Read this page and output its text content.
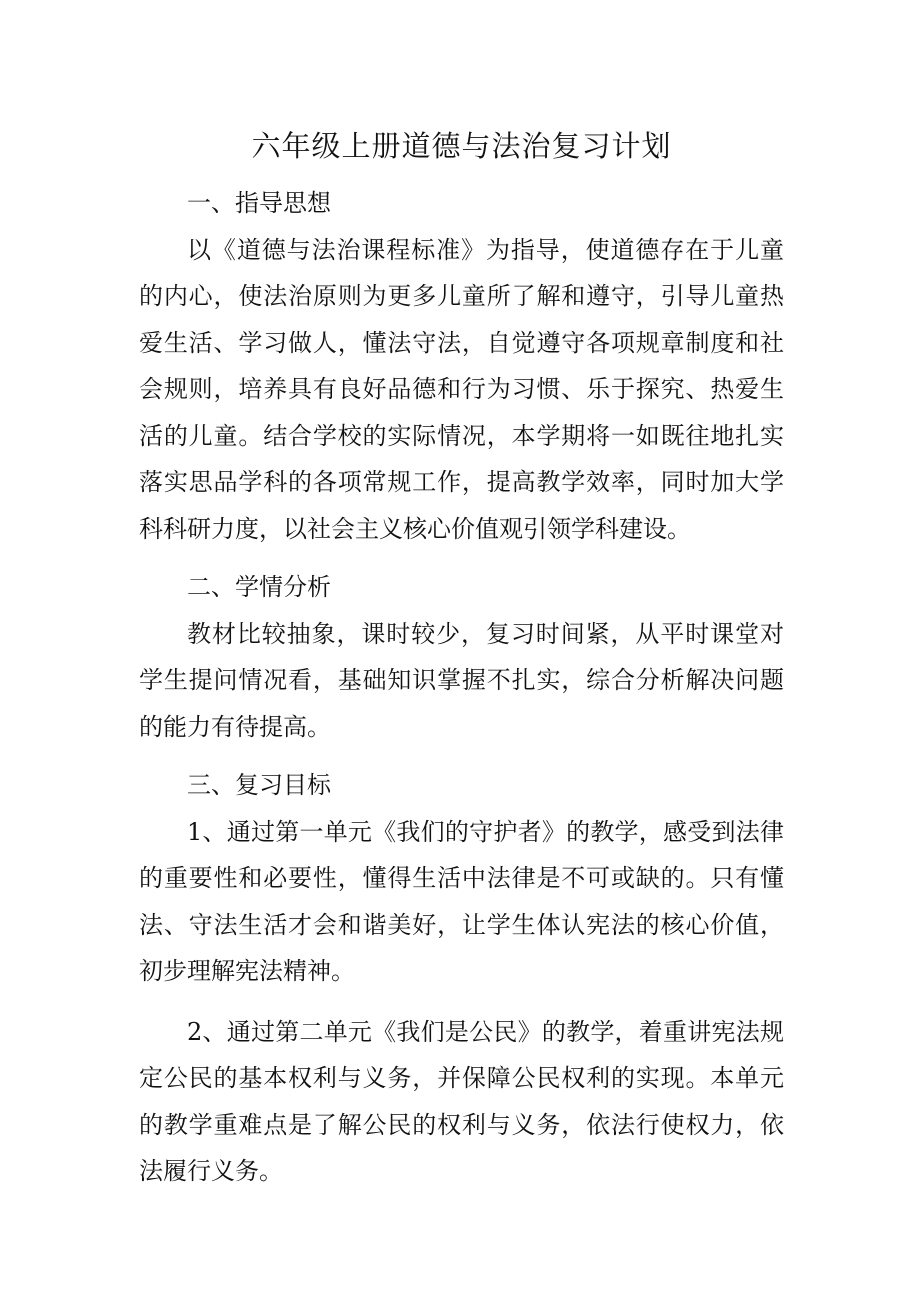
六年级上册道德与法治复习计划

一、指导思想

以《道德与法治课程标准》为指导，使道德存在于儿童的内心，使法治原则为更多儿童所了解和遵守，引导儿童热爱生活、学习做人，懂法守法，自觉遵守各项规章制度和社会规则，培养具有良好品德和行为习惯、乐于探究、热爱生活的儿童。结合学校的实际情况，本学期将一如既往地扎实落实思品学科的各项常规工作，提高教学效率，同时加大学科科研力度，以社会主义核心价值观引领学科建设。

二、学情分析

教材比较抽象，课时较少，复习时间紧，从平时课堂对学生提问情况看，基础知识掌握不扎实，综合分析解决问题的能力有待提高。

三、复习目标

1、通过第一单元《我们的守护者》的教学，感受到法律的重要性和必要性，懂得生活中法律是不可或缺的。只有懂法、守法生活才会和谐美好，让学生体认宪法的核心价值，初步理解宪法精神。

2、通过第二单元《我们是公民》的教学，着重讲宪法规定公民的基本权利与义务，并保障公民权利的实现。本单元的教学重难点是了解公民的权利与义务，依法行使权力，依法履行义务。
